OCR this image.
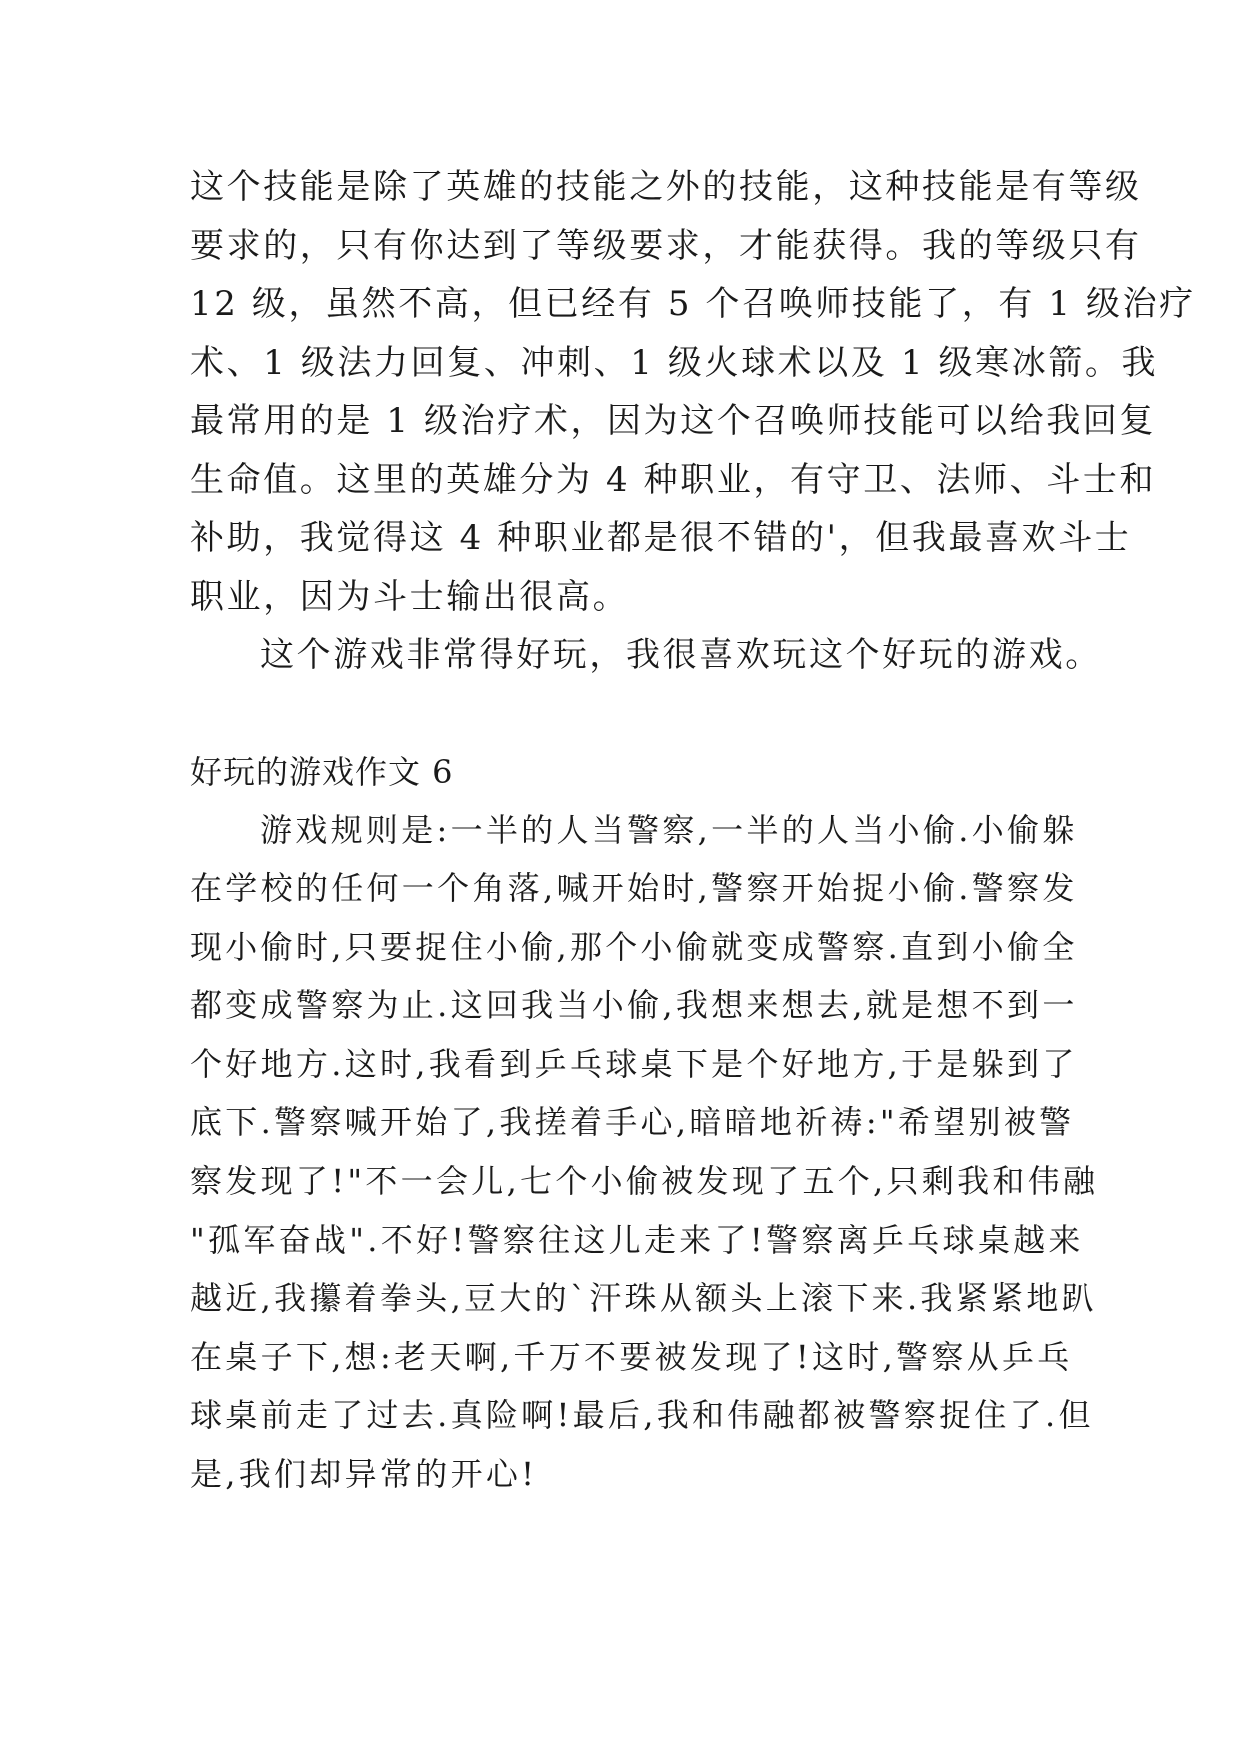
这个技能是除了英雄的技能之外的技能，这种技能是有等级
要求的，只有你达到了等级要求，才能获得。我的等级只有
12 级，虽然不高，但已经有 5 个召唤师技能了，有 1 级治疗
术、1 级法力回复、冲刺、1 级火球术以及 1 级寒冰箭。我
最常用的是 1 级治疗术，因为这个召唤师技能可以给我回复
生命值。这里的英雄分为 4 种职业，有守卫、法师、斗士和
补助，我觉得这 4 种职业都是很不错的'，但我最喜欢斗士
职业，因为斗士输出很高。

这个游戏非常得好玩，我很喜欢玩这个好玩的游戏。

好玩的游戏作文 6

游戏规则是:一半的人当警察,一半的人当小偷.小偷躲
在学校的任何一个角落,喊开始时,警察开始捉小偷.警察发
现小偷时,只要捉住小偷,那个小偷就变成警察.直到小偷全
都变成警察为止.这回我当小偷,我想来想去,就是想不到一
个好地方.这时,我看到乒乓球桌下是个好地方,于是躲到了
底下.警察喊开始了,我搓着手心,暗暗地祈祷:"希望别被警
察发现了!"不一会儿,七个小偷被发现了五个,只剩我和伟融
"孤军奋战".不好!警察往这儿走来了!警察离乒乓球桌越来
越近,我攥着拳头,豆大的`汗珠从额头上滚下来.我紧紧地趴
在桌子下,想:老天啊,千万不要被发现了!这时,警察从乒乓
球桌前走了过去.真险啊!最后,我和伟融都被警察捉住了.但
是,我们却异常的开心!
